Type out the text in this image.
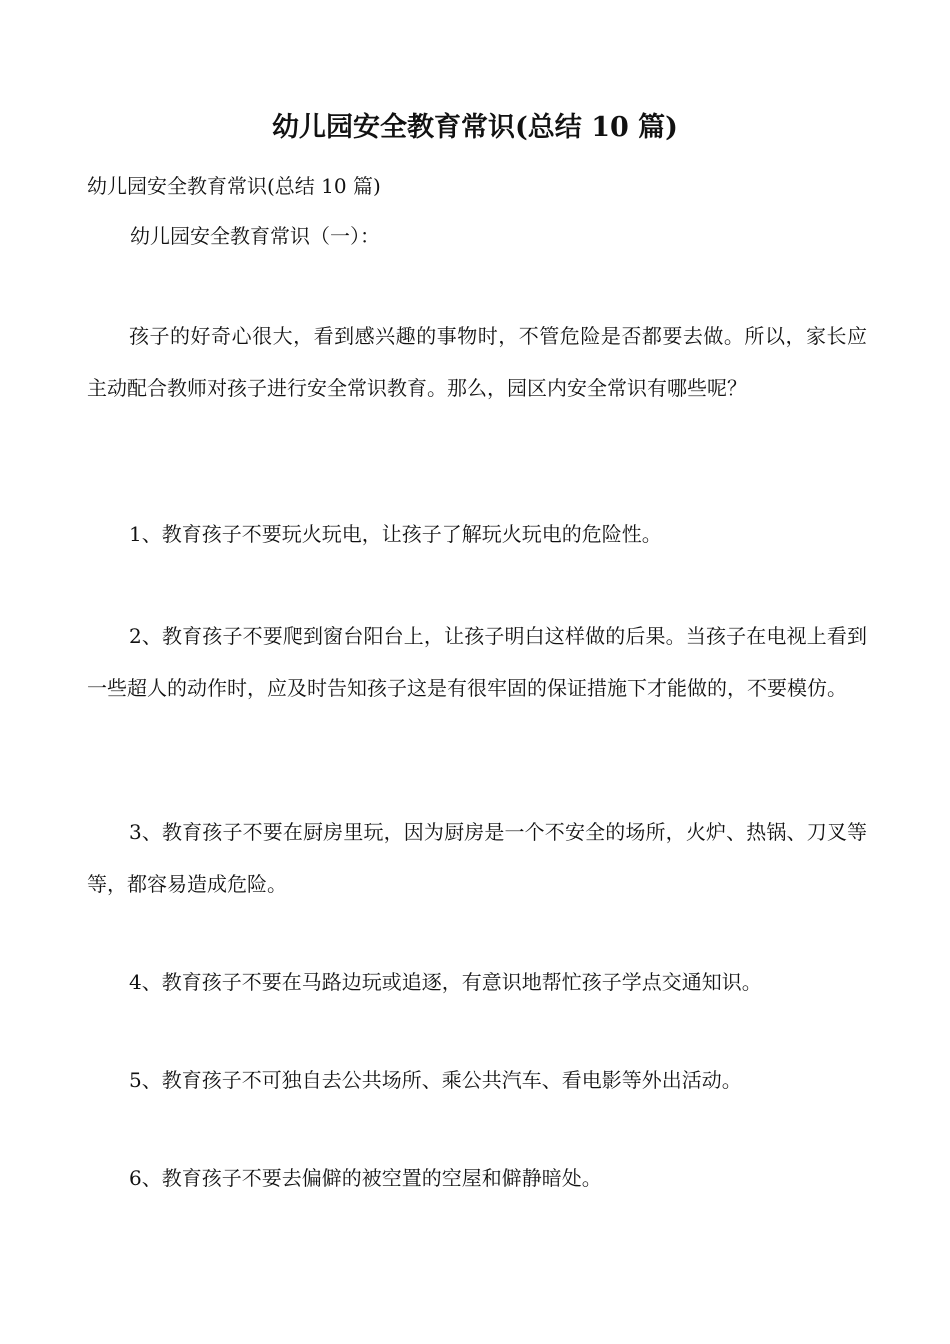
幼儿园安全教育常识(总结 10 篇)

幼儿园安全教育常识(总结 10 篇)

幼儿园安全教育常识（一）：

孩子的好奇心很大，看到感兴趣的事物时，不管危险是否都要去做。所以，家长应主动配合教师对孩子进行安全常识教育。那么，园区内安全常识有哪些呢？

1、教育孩子不要玩火玩电，让孩子了解玩火玩电的危险性。

2、教育孩子不要爬到窗台阳台上，让孩子明白这样做的后果。当孩子在电视上看到一些超人的动作时，应及时告知孩子这是有很牢固的保证措施下才能做的，不要模仿。

3、教育孩子不要在厨房里玩，因为厨房是一个不安全的场所，火炉、热锅、刀叉等等，都容易造成危险。

4、教育孩子不要在马路边玩或追逐，有意识地帮忙孩子学点交通知识。

5、教育孩子不可独自去公共场所、乘公共汽车、看电影等外出活动。

6、教育孩子不要去偏僻的被空置的空屋和僻静暗处。
